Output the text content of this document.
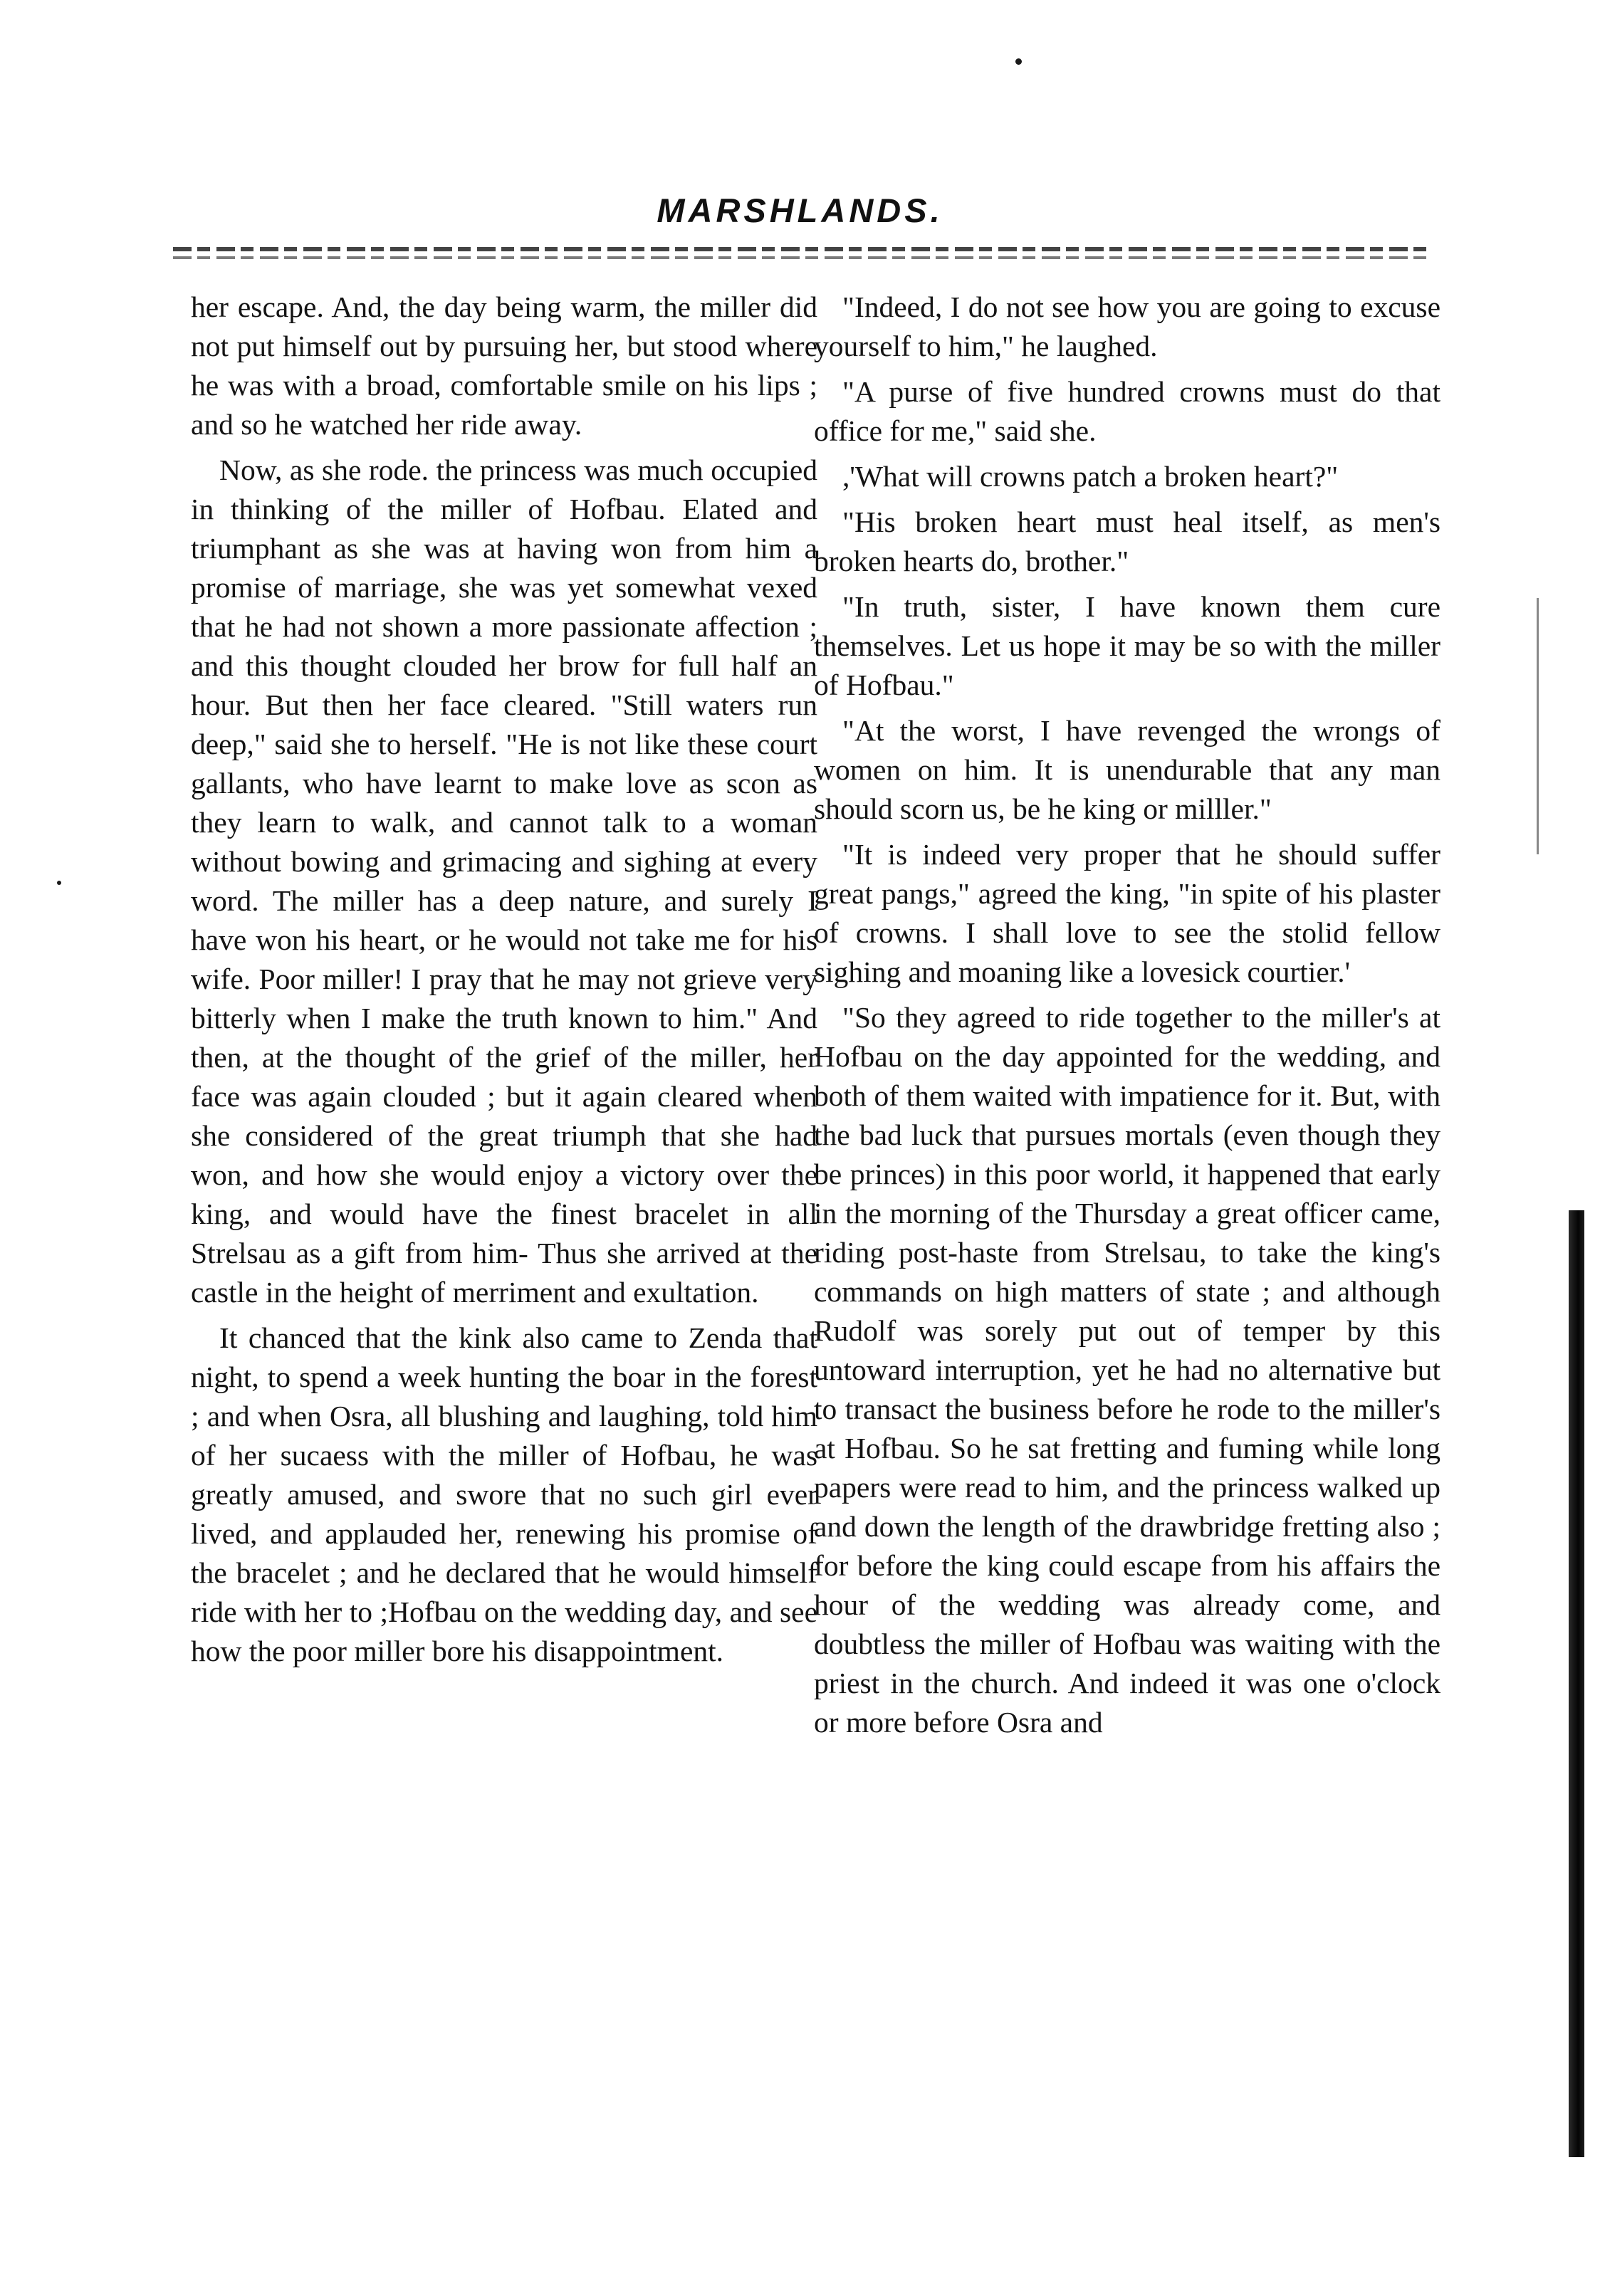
MARSHLANDS.

her escape. And, the day being warm, the miller did not put himself out by pursuing her, but stood where he was with a broad, comfortable smile on his lips ; and so he watched her ride away.

Now, as she rode. the princess was much occupied in thinking of the miller of Hofbau. Elated and triumphant as she was at having won from him a promise of marriage, she was yet somewhat vexed that he had not shown a more passionate affection ; and this thought clouded her brow for full half an hour. But then her face cleared. "Still waters run deep," said she to herself. "He is not like these court gallants, who have learnt to make love as scon as they learn to walk, and cannot talk to a woman without bowing and grimacing and sighing at every word. The miller has a deep nature, and surely I have won his heart, or he would not take me for his wife. Poor miller! I pray that he may not grieve very bitterly when I make the truth known to him." And then, at the thought of the grief of the miller, her face was again clouded ; but it again cleared when she considered of the great triumph that she had won, and how she would enjoy a victory over the king, and would have the finest bracelet in all Strelsau as a gift from him- Thus she arrived at the castle in the height of merriment and exultation.

It chanced that the kink also came to Zenda that night, to spend a week hunting the boar in the forest ; and when Osra, all blushing and laughing, told him of her sucaess with the miller of Hofbau, he was greatly amused, and swore that no such girl ever lived, and applauded her, renewing his promise of the bracelet ; and he declared that he would himself ride with her to ;Hofbau on the wedding day, and see how the poor miller bore his disappointment.

"Indeed, I do not see how you are going to excuse yourself to him," he laughed.

"A purse of five hundred crowns must do that office for me," said she.

,'What will crowns patch a broken heart?"

"His broken heart must heal itself, as men's broken hearts do, brother."

"In truth, sister, I have known them cure themselves. Let us hope it may be so with the miller of Hofbau."

"At the worst, I have revenged the wrongs of women on him. It is unendurable that any man should scorn us, be he king or milller."

"It is indeed very proper that he should suffer great pangs," agreed the king, "in spite of his plaster of crowns. I shall love to see the stolid fellow sighing and moaning like a lovesick courtier.'

"So they agreed to ride together to the miller's at Hofbau on the day appointed for the wedding, and both of them waited with impatience for it. But, with the bad luck that pursues mortals (even though they be princes) in this poor world, it happened that early in the morning of the Thursday a great officer came, riding post-haste from Strelsau, to take the king's commands on high matters of state ; and although Rudolf was sorely put out of temper by this untoward interruption, yet he had no alternative but to transact the business before he rode to the miller's at Hofbau. So he sat fretting and fuming while long papers were read to him, and the princess walked up and down the length of the drawbridge fretting also ; for before the king could escape from his affairs the hour of the wedding was already come, and doubtless the miller of Hofbau was waiting with the priest in the church. And indeed it was one o'clock or more before Osra and
